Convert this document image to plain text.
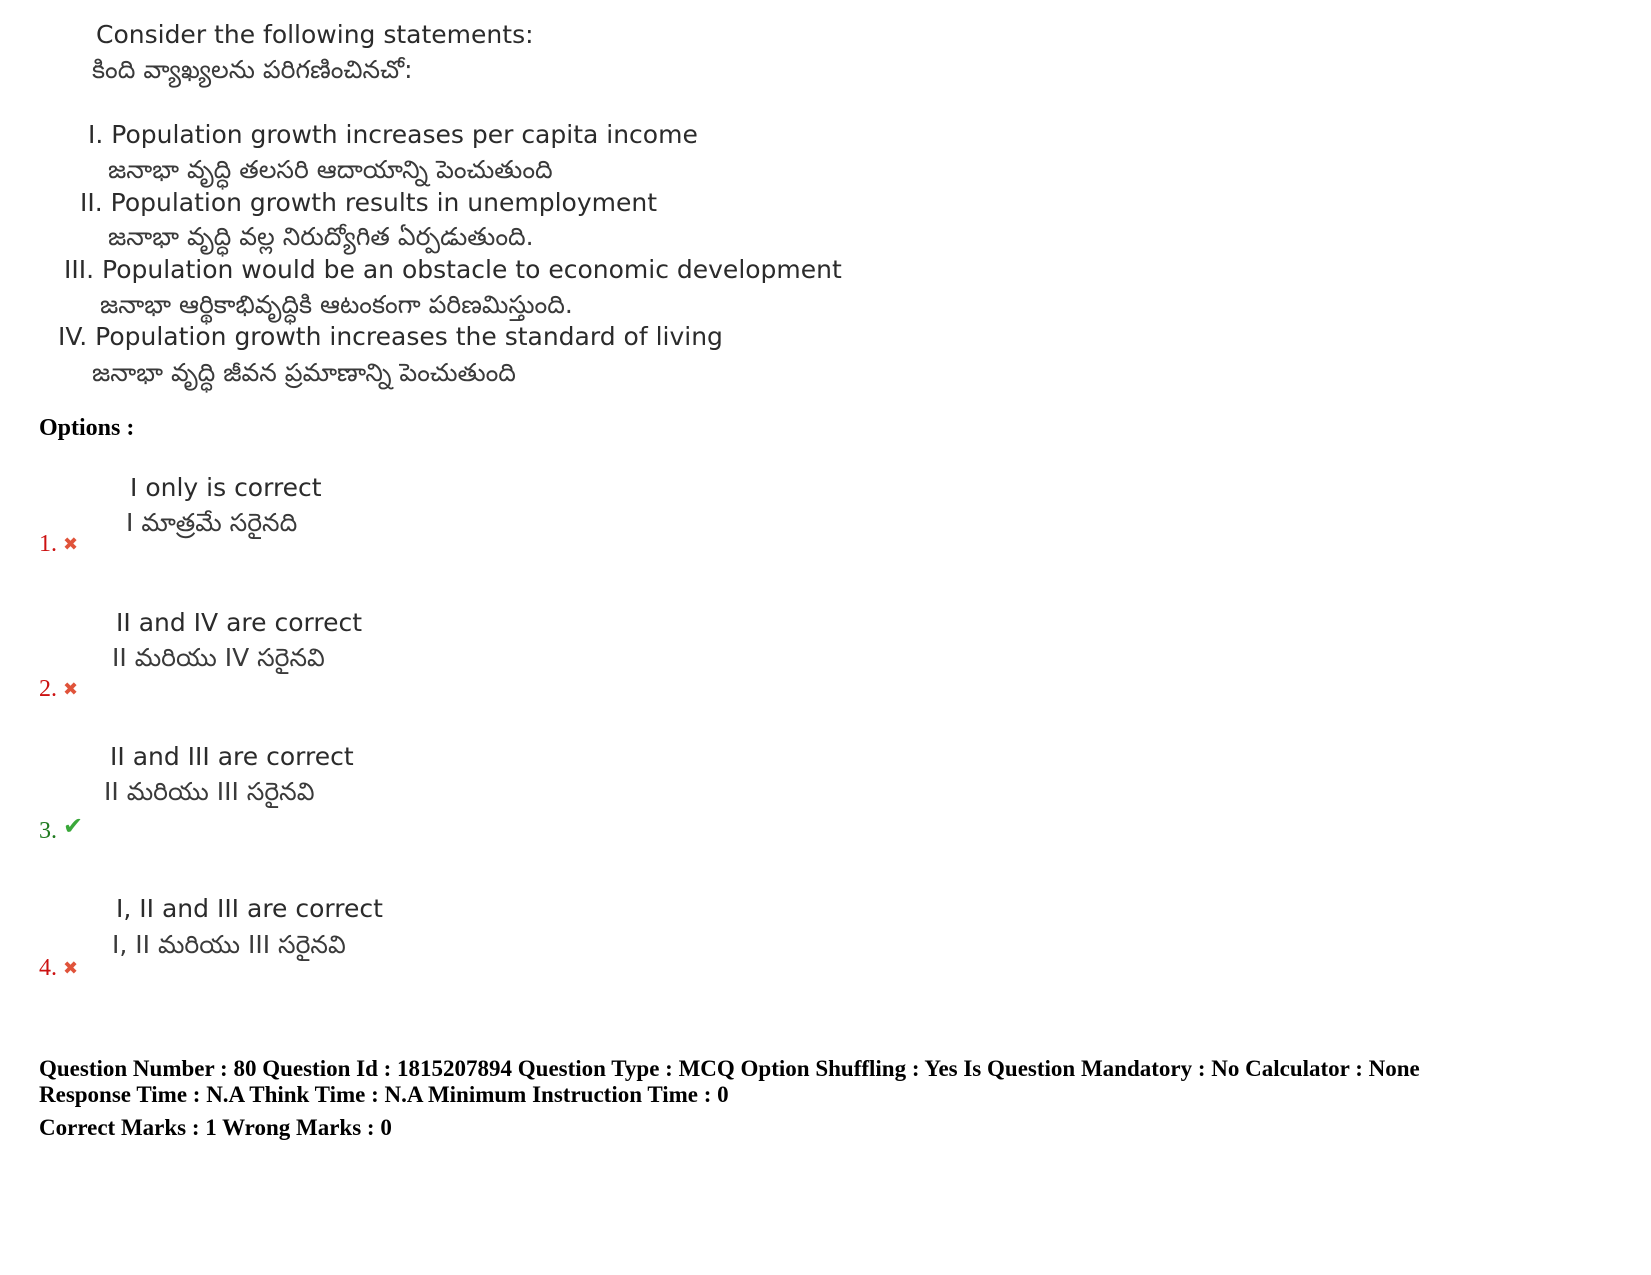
Consider the following statements:
కింది వ్యాఖ్యలను పరిగణించినచో:
I. Population growth increases per capita income
జనాభా వృద్ధి తలసరి ఆదాయాన్ని పెంచుతుంది
II. Population growth results in unemployment
జనాభా వృద్ధి వల్ల నిరుద్యోగిత ఏర్పడుతుంది.
III. Population would be an obstacle to economic development
జనాభా ఆర్థికాభివృద్ధికి ఆటంకంగా పరిణమిస్తుంది.
IV. Population growth increases the standard of living
జనాభా వృద్ధి జీవన ప్రమాణాన్ని పెంచుతుంది
Options :
I only is correct
I మాత్రమే సరైనది
1. ✖
II and IV are correct
II మరియు IV సరైనవి
2. ✖
II and III are correct
II మరియు III సరైనవి
3. ✔
I, II and III are correct
I, II మరియు III సరైనవి
4. ✖
Question Number : 80 Question Id : 1815207894 Question Type : MCQ Option Shuffling : Yes Is Question Mandatory : No Calculator : None
Response Time : N.A Think Time : N.A Minimum Instruction Time : 0
Correct Marks : 1 Wrong Marks : 0
